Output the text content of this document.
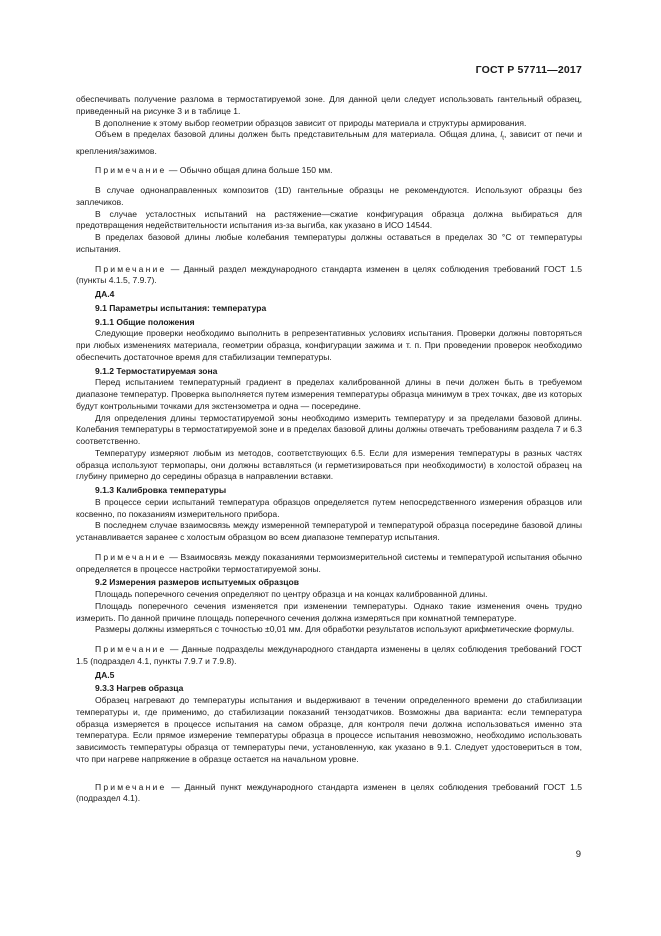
ГОСТ Р 57711—2017

обеспечивать получение разлома в термостатируемой зоне. Для данной цели следует использовать гантельный образец, приведенный на рисунке 3 и в таблице 1.

В дополнение к этому выбор геометрии образцов зависит от природы материала и структуры армирования.

Объем в пределах базовой длины должен быть представительным для материала. Общая длина, $l_t$, зависит от печи и крепления/зажимов.

Примечание — Обычно общая длина больше 150 мм.

В случае однонаправленных композитов (1D) гантельные образцы не рекомендуются. Используют образцы без заплечиков.

В случае усталостных испытаний на растяжение—сжатие конфигурация образца должна выбираться для предотвращения недействительности испытания из-за выгиба, как указано в ИСО 14544.

В пределах базовой длины любые колебания температуры должны оставаться в пределах 30 °С от температуры испытания.

Примечание — Данный раздел международного стандарта изменен в целях соблюдения требований ГОСТ 1.5 (пункты 4.1.5, 7.9.7).

ДА.4

9.1 Параметры испытания: температура

9.1.1 Общие положения

Следующие проверки необходимо выполнить в репрезентативных условиях испытания. Проверки должны повторяться при любых изменениях материала, геометрии образца, конфигурации зажима и т. п. При проведении проверок необходимо обеспечить достаточное время для стабилизации температуры.

9.1.2 Термостатируемая зона

Перед испытанием температурный градиент в пределах калиброванной длины в печи должен быть в требуемом диапазоне температур. Проверка выполняется путем измерения температуры образца минимум в трех точках, две из которых будут контрольными точками для экстензометра и одна — посередине.

Для определения длины термостатируемой зоны необходимо измерить температуру и за пределами базовой длины. Колебания температуры в термостатируемой зоне и в пределах базовой длины должны отвечать требованиям раздела 7 и 6.3 соответственно.

Температуру измеряют любым из методов, соответствующих 6.5. Если для измерения температуры в разных частях образца используют термопары, они должны вставляться (и герметизироваться при необходимости) в холостой образец на глубину примерно до середины образца в направлении вставки.

9.1.3 Калибровка температуры

В процессе серии испытаний температура образцов определяется путем непосредственного измерения образцов или косвенно, по показаниям измерительного прибора.

В последнем случае взаимосвязь между измеренной температурой и температурой образца посередине базовой длины устанавливается заранее с холостым образцом во всем диапазоне температур испытания.

Примечание — Взаимосвязь между показаниями термоизмерительной системы и температурой испытания обычно определяется в процессе настройки термостатируемой зоны.

9.2 Измерения размеров испытуемых образцов

Площадь поперечного сечения определяют по центру образца и на концах калиброванной длины.

Площадь поперечного сечения изменяется при изменении температуры. Однако такие изменения очень трудно измерить. По данной причине площадь поперечного сечения должна измеряться при комнатной температуре.

Размеры должны измеряться с точностью ±0,01 мм. Для обработки результатов используют арифметические формулы.

Примечание — Данные подразделы международного стандарта изменены в целях соблюдения требований ГОСТ 1.5 (подраздел 4.1, пункты 7.9.7 и 7.9.8).

ДА.5

9.3.3 Нагрев образца

Образец нагревают до температуры испытания и выдерживают в течении определенного времени до стабилизации температуры и, где применимо, до стабилизации показаний тензодатчиков. Возможны два варианта: если температура образца измеряется в процессе испытания на самом образце, для контроля печи должна использоваться именно эта температура. Если прямое измерение температуры образца в процессе испытания невозможно, необходимо использовать зависимость температуры образца от температуры печи, установленную, как указано в 9.1. Следует удостовериться в том, что при нагреве напряжение в образце остается на начальном уровне.

Примечание — Данный пункт международного стандарта изменен в целях соблюдения требований ГОСТ 1.5 (подраздел 4.1).

9
